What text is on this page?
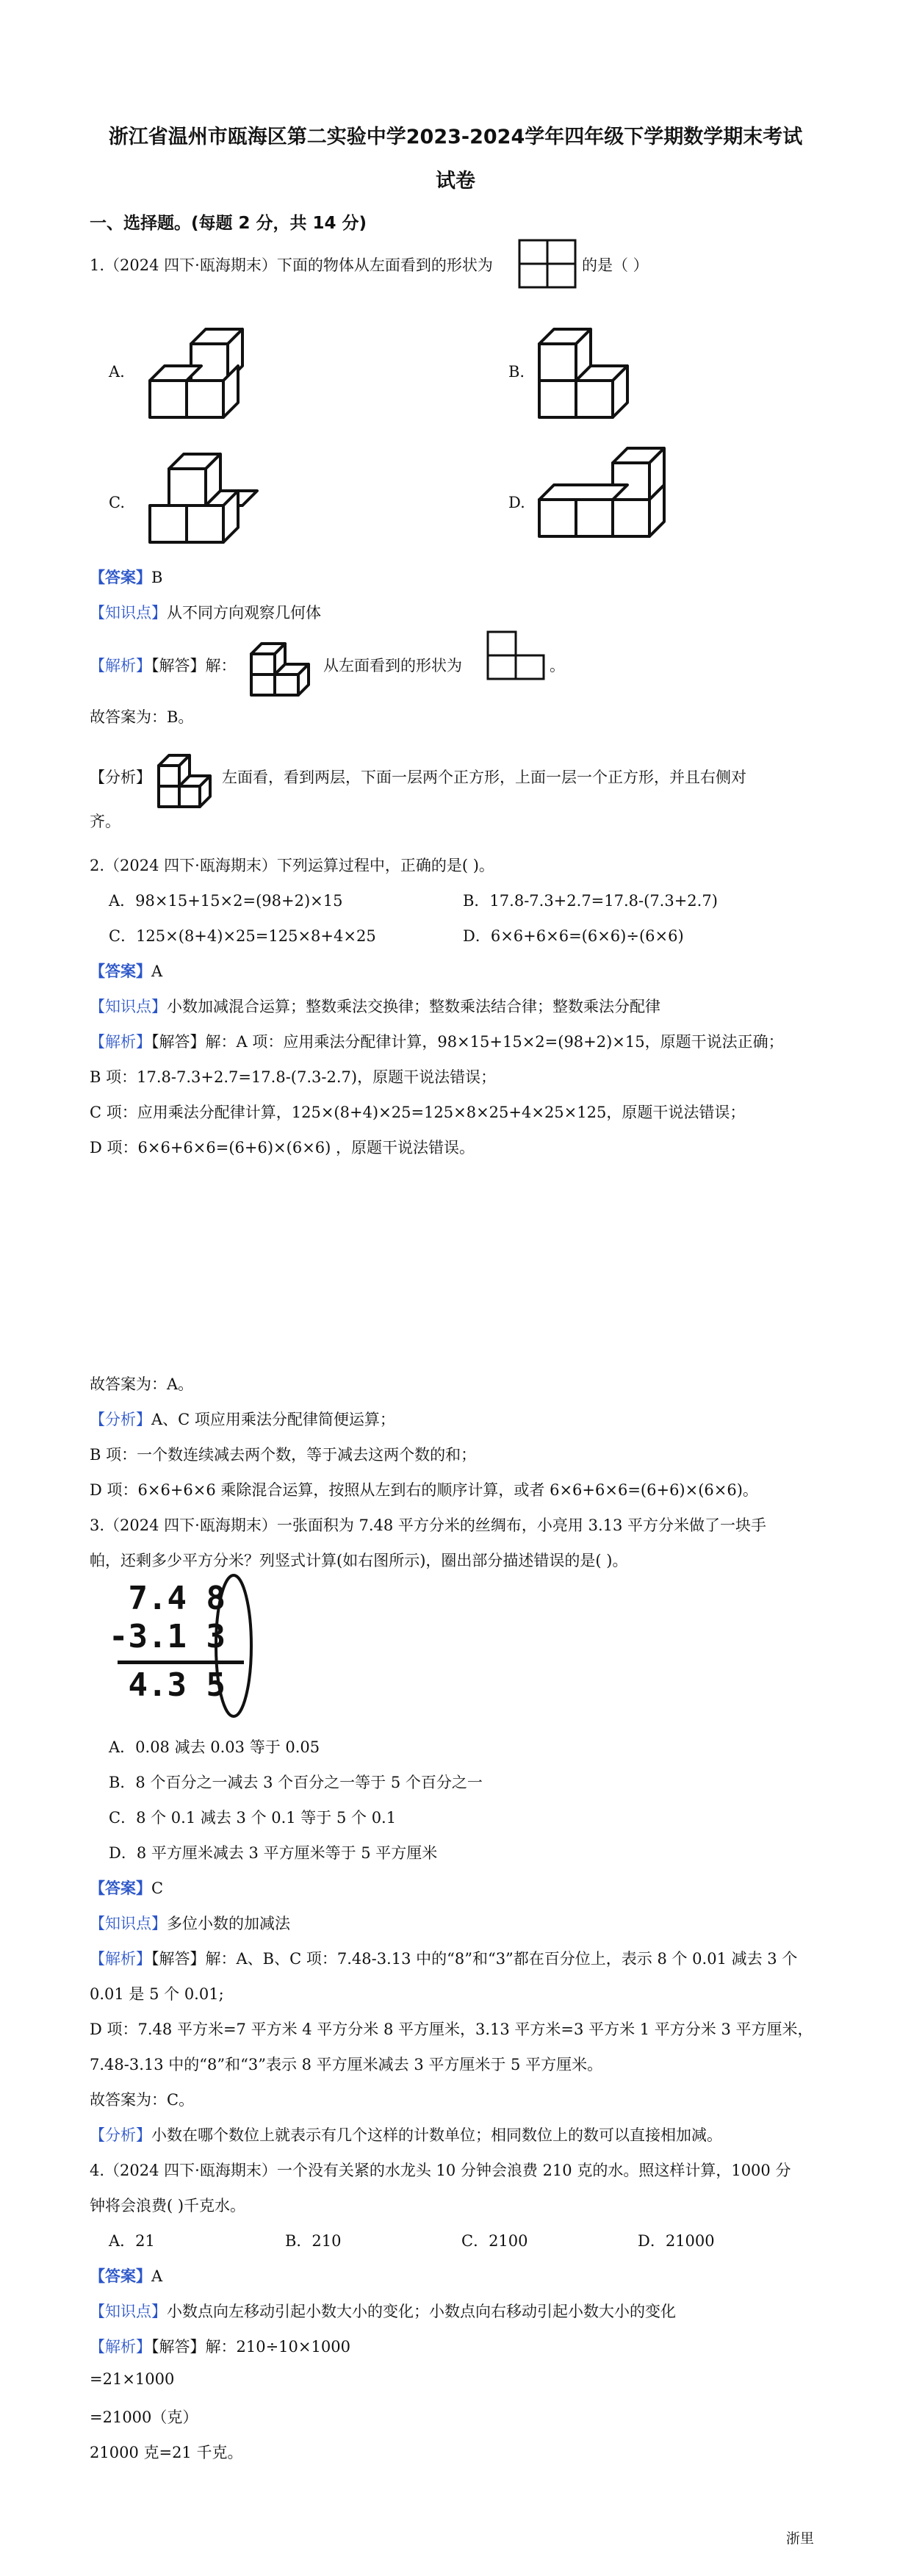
浙江省温州市瓯海区第二实验中学2023-2024学年四年级下学期数学期末考试
试卷
一、选择题。(每题 2 分，共 14 分)
1.（2024 四下·瓯海期末）下面的物体从左面看到的形状为	的是（ ）
A.	B.
C.	D.
【答案】B
【知识点】从不同方向观察几何体
【解析】【解答】解：	从左面看到的形状为	。
故答案为：B。
【分析】	左面看，看到两层，下面一层两个正方形，上面一层一个正方形，并且右侧对
齐。
2.（2024 四下·瓯海期末）下列运算过程中，正确的是( )。
A．98×15+15×2=(98+2)×15	B．17.8-7.3+2.7=17.8-(7.3+2.7)
C．125×(8+4)×25=125×8+4×25	D．6×6+6×6=(6×6)÷(6×6)
【答案】A
【知识点】小数加减混合运算；整数乘法交换律；整数乘法结合律；整数乘法分配律
【解析】【解答】解：A 项：应用乘法分配律计算，98×15+15×2=(98+2)×15，原题干说法正确；
B 项：17.8-7.3+2.7=17.8-(7.3-2.7)，原题干说法错误；
C 项：应用乘法分配律计算，125×(8+4)×25=125×8×25+4×25×125，原题干说法错误；
D 项：6×6+6×6=(6+6)×(6×6) ，原题干说法错误。
故答案为：A。
【分析】A、C 项应用乘法分配律简便运算；
B 项：一个数连续减去两个数，等于减去这两个数的和；
D 项：6×6+6×6 乘除混合运算，按照从左到右的顺序计算，或者 6×6+6×6=(6+6)×(6×6)。
3.（2024 四下·瓯海期末）一张面积为 7.48 平方分米的丝绸布，小亮用 3.13 平方分米做了一块手
帕，还剩多少平方分米？列竖式计算(如右图所示)，圈出部分描述错误的是( )。
7.4 8
-3.1 3
4.3 5
A．0.08 减去 0.03 等于 0.05
B．8 个百分之一减去 3 个百分之一等于 5 个百分之一
C．8 个 0.1 减去 3 个 0.1 等于 5 个 0.1
D．8 平方厘米减去 3 平方厘米等于 5 平方厘米
【答案】C
【知识点】多位小数的加减法
【解析】【解答】解：A、B、C 项：7.48-3.13 中的“8”和“3”都在百分位上，表示 8 个 0.01 减去 3 个
0.01 是 5 个 0.01;
D 项：7.48 平方米=7 平方米 4 平方分米 8 平方厘米，3.13 平方米=3 平方米 1 平方分米 3 平方厘米，
7.48-3.13 中的“8”和“3”表示 8 平方厘米减去 3 平方厘米于 5 平方厘米。
故答案为：C。
【分析】小数在哪个数位上就表示有几个这样的计数单位；相同数位上的数可以直接相加减。
4.（2024 四下·瓯海期末）一个没有关紧的水龙头 10 分钟会浪费 210 克的水。照这样计算，1000 分
钟将会浪费( )千克水。
A．21	B．210	C．2100	D．21000
【答案】A
【知识点】小数点向左移动引起小数大小的变化；小数点向右移动引起小数大小的变化
【解析】【解答】解：210÷10×1000
=21×1000
=21000（克）
21000 克=21 千克。
浙里
